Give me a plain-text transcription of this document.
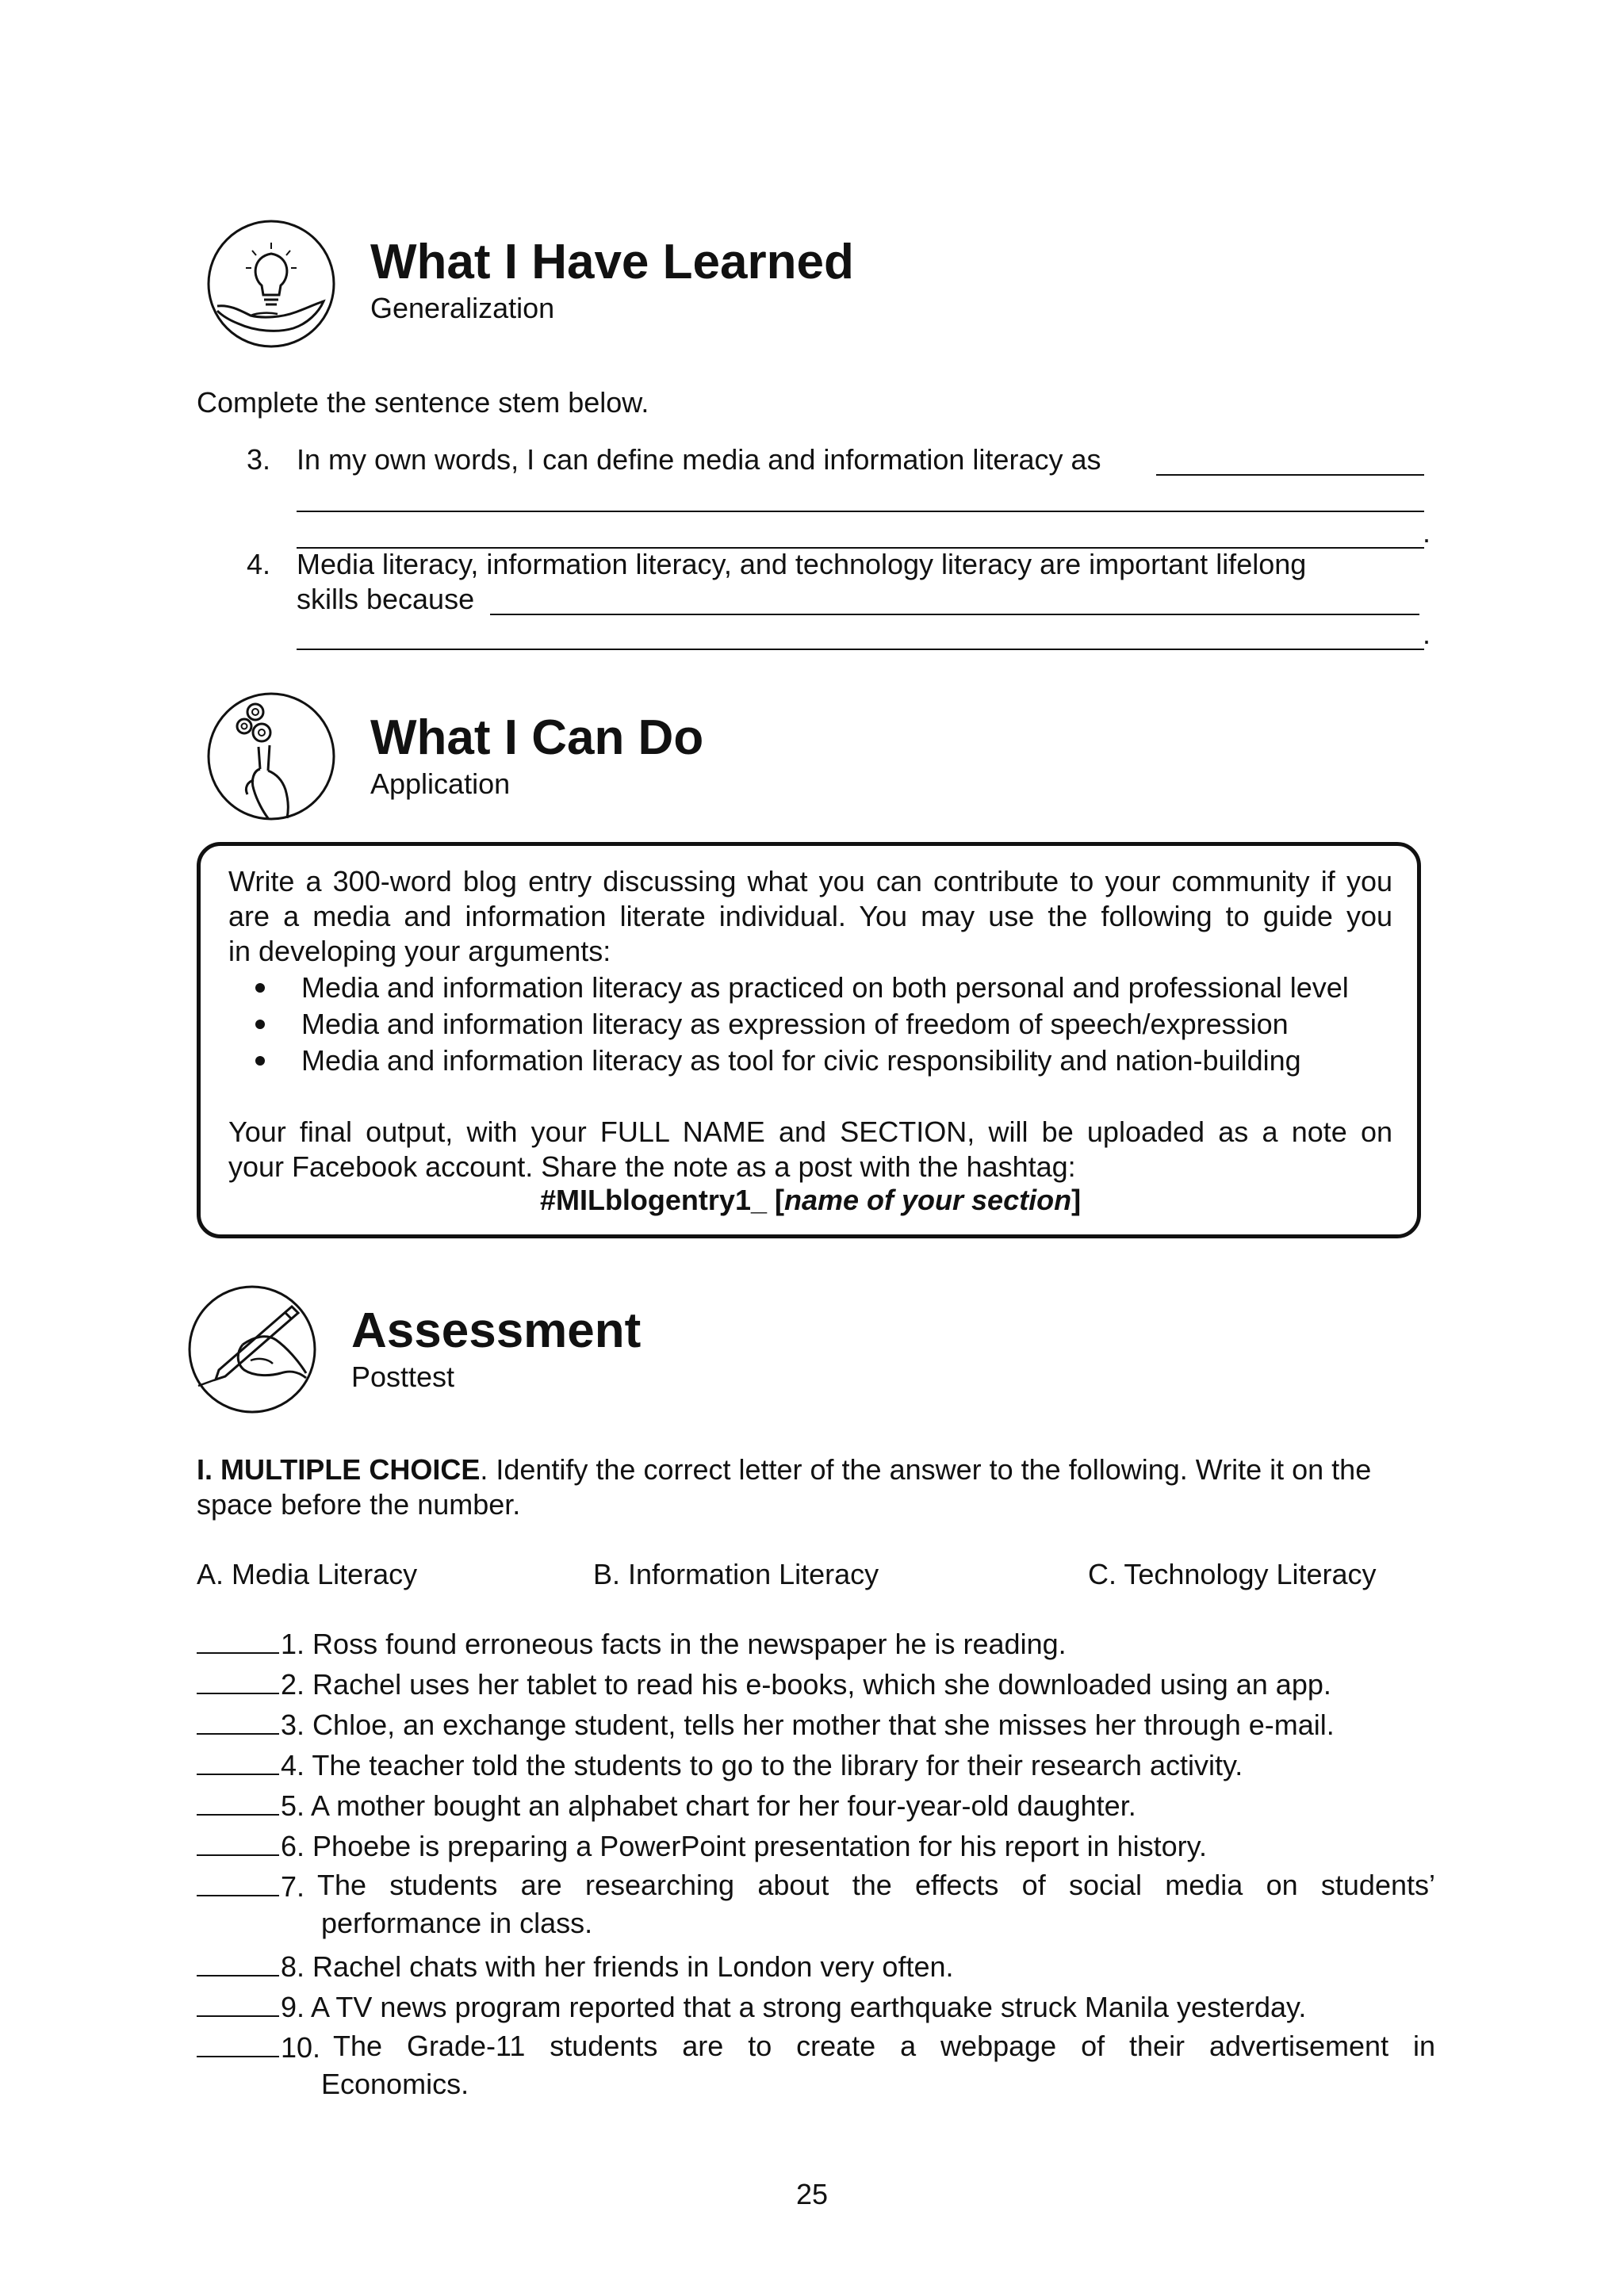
What I Have Learned
Generalization
Complete the sentence stem below.
3. In my own words, I can define media and information literacy as
.
4. Media literacy, information literacy, and technology literacy are important lifelong
skills because
.
What I Can Do
Application
Write a 300-word blog entry discussing what you can contribute to your community if you
are a media and information literate individual. You may use the following to guide you
in developing your arguments:
Media and information literacy as practiced on both personal and professional level
Media and information literacy as expression of freedom of speech/expression
Media and information literacy as tool for civic responsibility and nation-building
Your final output, with your FULL NAME and SECTION, will be uploaded as a note on
your Facebook account. Share the note as a post with the hashtag:
#MILblogentry1_ [name of your section]
Assessment
Posttest
I. MULTIPLE CHOICE. Identify the correct letter of the answer to the following. Write it on the
space before the number.
A. Media Literacy	B. Information Literacy	C. Technology Literacy
1. Ross found erroneous facts in the newspaper he is reading.
2. Rachel uses her tablet to read his e-books, which she downloaded using an app.
3. Chloe, an exchange student, tells her mother that she misses her through e-mail.
4. The teacher told the students to go to the library for their research activity.
5. A mother bought an alphabet chart for her four-year-old daughter.
6. Phoebe is preparing a PowerPoint presentation for his report in history.
7. The students are researching about the effects of social media on students’
performance in class.
8. Rachel chats with her friends in London very often.
9. A TV news program reported that a strong earthquake struck Manila yesterday.
10. The Grade-11 students are to create a webpage of their advertisement in
Economics.
25
